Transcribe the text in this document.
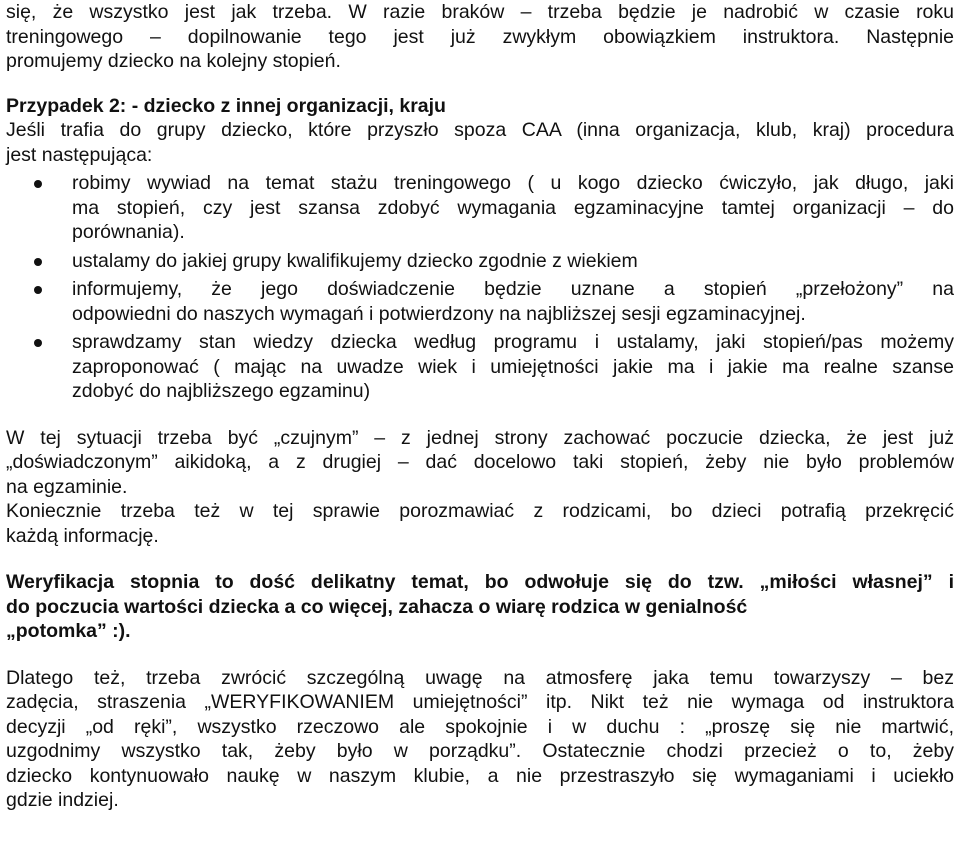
się, że wszystko jest jak trzeba. W razie braków – trzeba będzie je nadrobić w czasie roku
treningowego – dopilnowanie tego jest już zwykłym obowiązkiem instruktora. Następnie
promujemy dziecko na kolejny stopień.

Przypadek 2: - dziecko z innej organizacji, kraju
Jeśli trafia do grupy dziecko, które przyszło spoza CAA (inna organizacja, klub, kraj) procedura
jest następująca:

robimy wywiad na temat stażu treningowego ( u kogo dziecko ćwiczyło, jak długo, jaki
ma stopień, czy jest szansa zdobyć wymagania egzaminacyjne tamtej organizacji – do
porównania).
ustalamy do jakiej grupy kwalifikujemy dziecko zgodnie z wiekiem
informujemy, że jego doświadczenie będzie uznane a stopień „przełożony” na
odpowiedni do naszych wymagań i potwierdzony na najbliższej sesji egzaminacyjnej.
sprawdzamy stan wiedzy dziecka według programu i ustalamy, jaki stopień/pas możemy
zaproponować ( mając na uwadze wiek i umiejętności jakie ma i jakie ma realne szanse
zdobyć do najbliższego egzaminu)

W tej sytuacji trzeba być „czujnym” – z jednej strony zachować poczucie dziecka, że jest już
„doświadczonym” aikidoką, a z drugiej – dać docelowo taki stopień, żeby nie było problemów
na egzaminie.
Koniecznie trzeba też w tej sprawie porozmawiać z rodzicami, bo dzieci potrafią przekręcić
każdą informację.

Weryfikacja stopnia to dość delikatny temat, bo odwołuje się do tzw. „miłości własnej” i
do poczucia wartości dziecka a co więcej, zahacza o wiarę rodzica w genialność
„potomka” :).

Dlatego też, trzeba zwrócić szczególną uwagę na atmosferę jaka temu towarzyszy – bez
zadęcia, straszenia „WERYFIKOWANIEM umiejętności” itp. Nikt też nie wymaga od instruktora
decyzji „od ręki”, wszystko rzeczowo ale spokojnie i w duchu : „proszę się nie martwić,
uzgodnimy wszystko tak, żeby było w porządku”. Ostatecznie chodzi przecież o to, żeby
dziecko kontynuowało naukę w naszym klubie, a nie przestraszyło się wymaganiami i uciekło
gdzie indziej.
